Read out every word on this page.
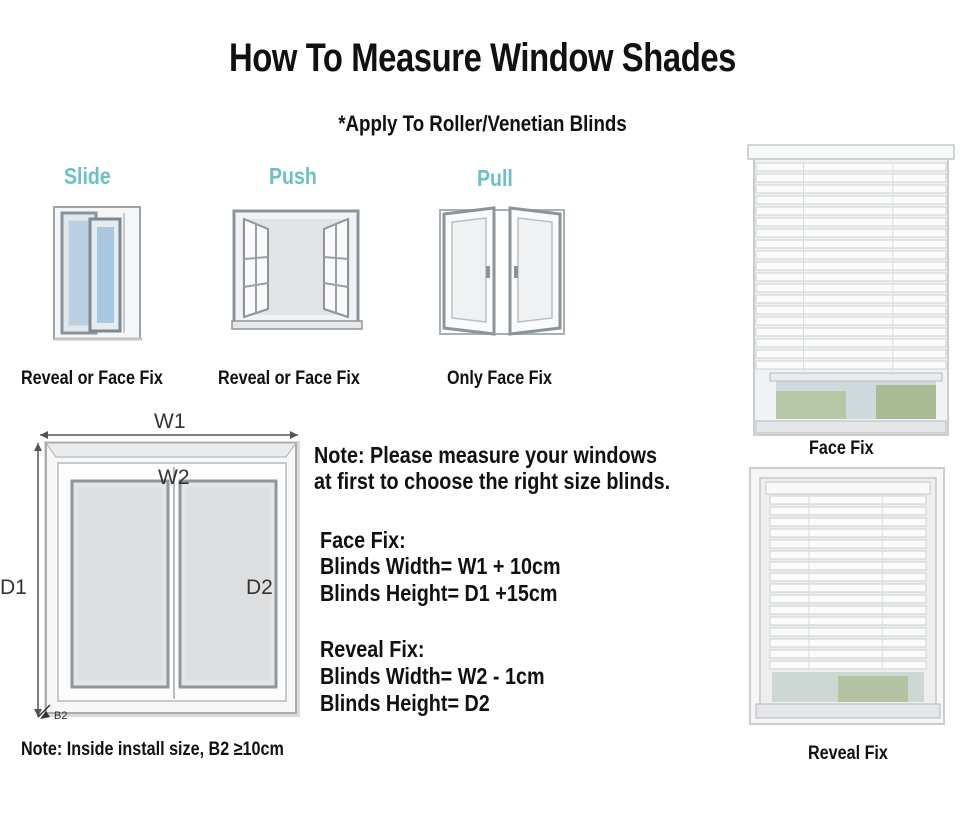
How To Measure Window Shades
*Apply To Roller/Venetian Blinds
Slide	Push	Pull
Reveal or Face Fix	Reveal or Face Fix	Only Face Fix
W1
W2
D1	D2
B2
Note: Inside install size, B2 ≥10cm
Note: Please measure your windows
at first to choose the right size blinds.
Face Fix:
Blinds Width= W1 + 10cm
Blinds Height= D1 +15cm
Reveal Fix:
Blinds Width= W2 - 1cm
Blinds Height= D2
Face Fix
Reveal Fix
